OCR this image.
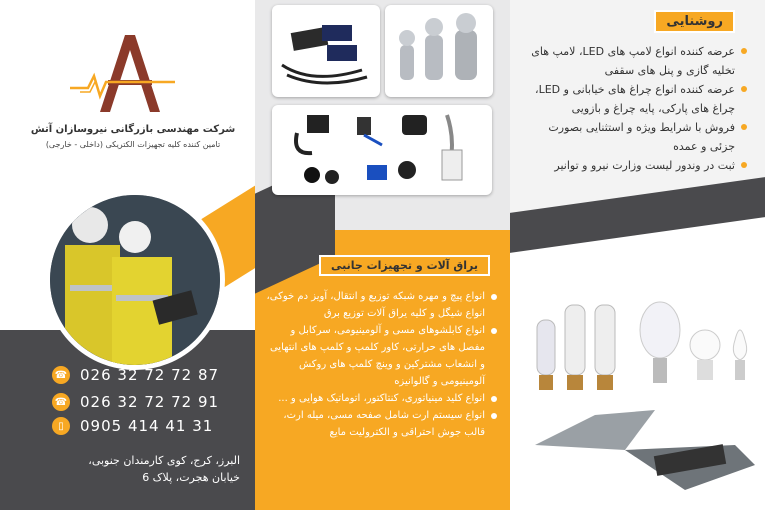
شرکت مهندسی بازرگانی نیروسازان آتش
تامین کننده کلیه تجهیزات الکتریکی (داخلی - خارجی)
☎ 026 32 72 72 87
☎ 026 32 72 72 91
▯	0905 414 41 31
البرز، کرج، کوی کارمندان جنوبی،
خیابان هجرت، پلاک 6
یراق آلات و تجهیزات جانبی
انواع پیچ و مهره شبکه توزیع و انتقال، آویز دم خوکی، انواع شیگل و کلیه یراق آلات توزیع برق
انواع کابلشوهای مسی و آلومینیومی، سرکابل و مفصل های حرارتی، کاور کلمپ و کلمپ های انتهایی و انشعاب مشترکین و وینچ کلمپ های روکش آلومینیومی و گالوانیزه
انواع کلید مینیاتوری، کنتاکتور، اتوماتیک هوایی و ...
انواع سیستم ارت شامل صفحه مسی، میله ارت، قالب جوش احتراقی و الکترولیت مایع
روشنایی
عرضه کننده انواع لامپ های LED، لامپ های تخلیه گازی و پنل های سقفی
عرضه کننده انواع چراغ های خیابانی و LED، چراغ های پارکی، پایه چراغ و بازویی
فروش با شرایط ویژه و استثنایی بصورت جزئی و عمده
ثبت در وندور لیست وزارت نیرو و توانیر
